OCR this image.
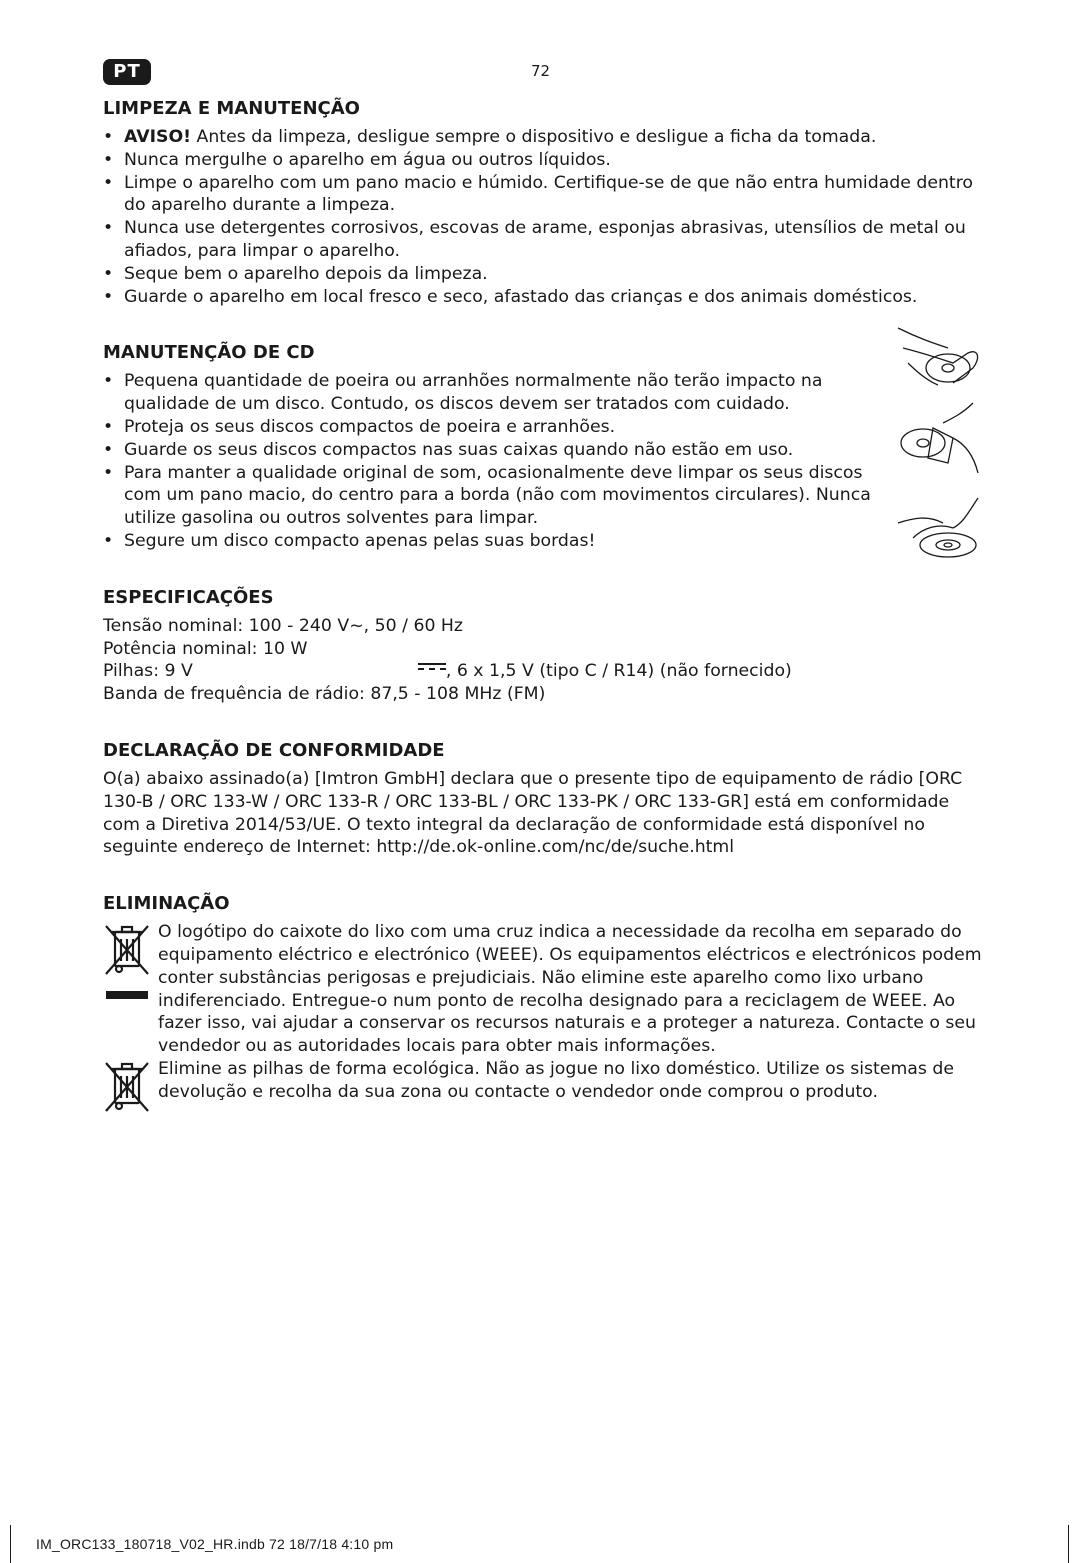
PT	72
LIMPEZA E MANUTENÇÃO
• AVISO! Antes da limpeza, desligue sempre o dispositivo e desligue a ficha da tomada.
• Nunca mergulhe o aparelho em água ou outros líquidos.
• Limpe o aparelho com um pano macio e húmido. Certifique-se de que não entra humidade dentro do aparelho durante a limpeza.
• Nunca use detergentes corrosivos, escovas de arame, esponjas abrasivas, utensílios de metal ou afiados, para limpar o aparelho.
• Seque bem o aparelho depois da limpeza.
• Guarde o aparelho em local fresco e seco, afastado das crianças e dos animais domésticos.
MANUTENÇÃO DE CD
• Pequena quantidade de poeira ou arranhões normalmente não terão impacto na qualidade de um disco. Contudo, os discos devem ser tratados com cuidado.
• Proteja os seus discos compactos de poeira e arranhões.
• Guarde os seus discos compactos nas suas caixas quando não estão em uso.
• Para manter a qualidade original de som, ocasionalmente deve limpar os seus discos com um pano macio, do centro para a borda (não com movimentos circulares). Nunca utilize gasolina ou outros solventes para limpar.
• Segure um disco compacto apenas pelas suas bordas!
ESPECIFICAÇÕES
Tensão nominal: 100 - 240 V~, 50 / 60 Hz
Potência nominal: 10 W
Pilhas: 9 V	, 6 x 1,5 V (tipo C / R14) (não fornecido)
Banda de frequência de rádio: 87,5 - 108 MHz (FM)
DECLARAÇÃO DE CONFORMIDADE
O(a) abaixo assinado(a) [Imtron GmbH] declara que o presente tipo de equipamento de rádio [ORC 130-B / ORC 133-W / ORC 133-R / ORC 133-BL / ORC 133-PK / ORC 133-GR] está em conformidade com a Diretiva 2014/53/UE. O texto integral da declaração de conformidade está disponível no seguinte endereço de Internet: http://de.ok-online.com/nc/de/suche.html
ELIMINAÇÃO
O logótipo do caixote do lixo com uma cruz indica a necessidade da recolha em separado do equipamento eléctrico e electrónico (WEEE). Os equipamentos eléctricos e electrónicos podem conter substâncias perigosas e prejudiciais. Não elimine este aparelho como lixo urbano indiferenciado. Entregue-o num ponto de recolha designado para a reciclagem de WEEE. Ao fazer isso, vai ajudar a conservar os recursos naturais e a proteger a natureza. Contacte o seu vendedor ou as autoridades locais para obter mais informações.
Elimine as pilhas de forma ecológica. Não as jogue no lixo doméstico. Utilize os sistemas de devolução e recolha da sua zona ou contacte o vendedor onde comprou o produto.
IM_ORC133_180718_V02_HR.indb 72 18/7/18 4:10 pm
